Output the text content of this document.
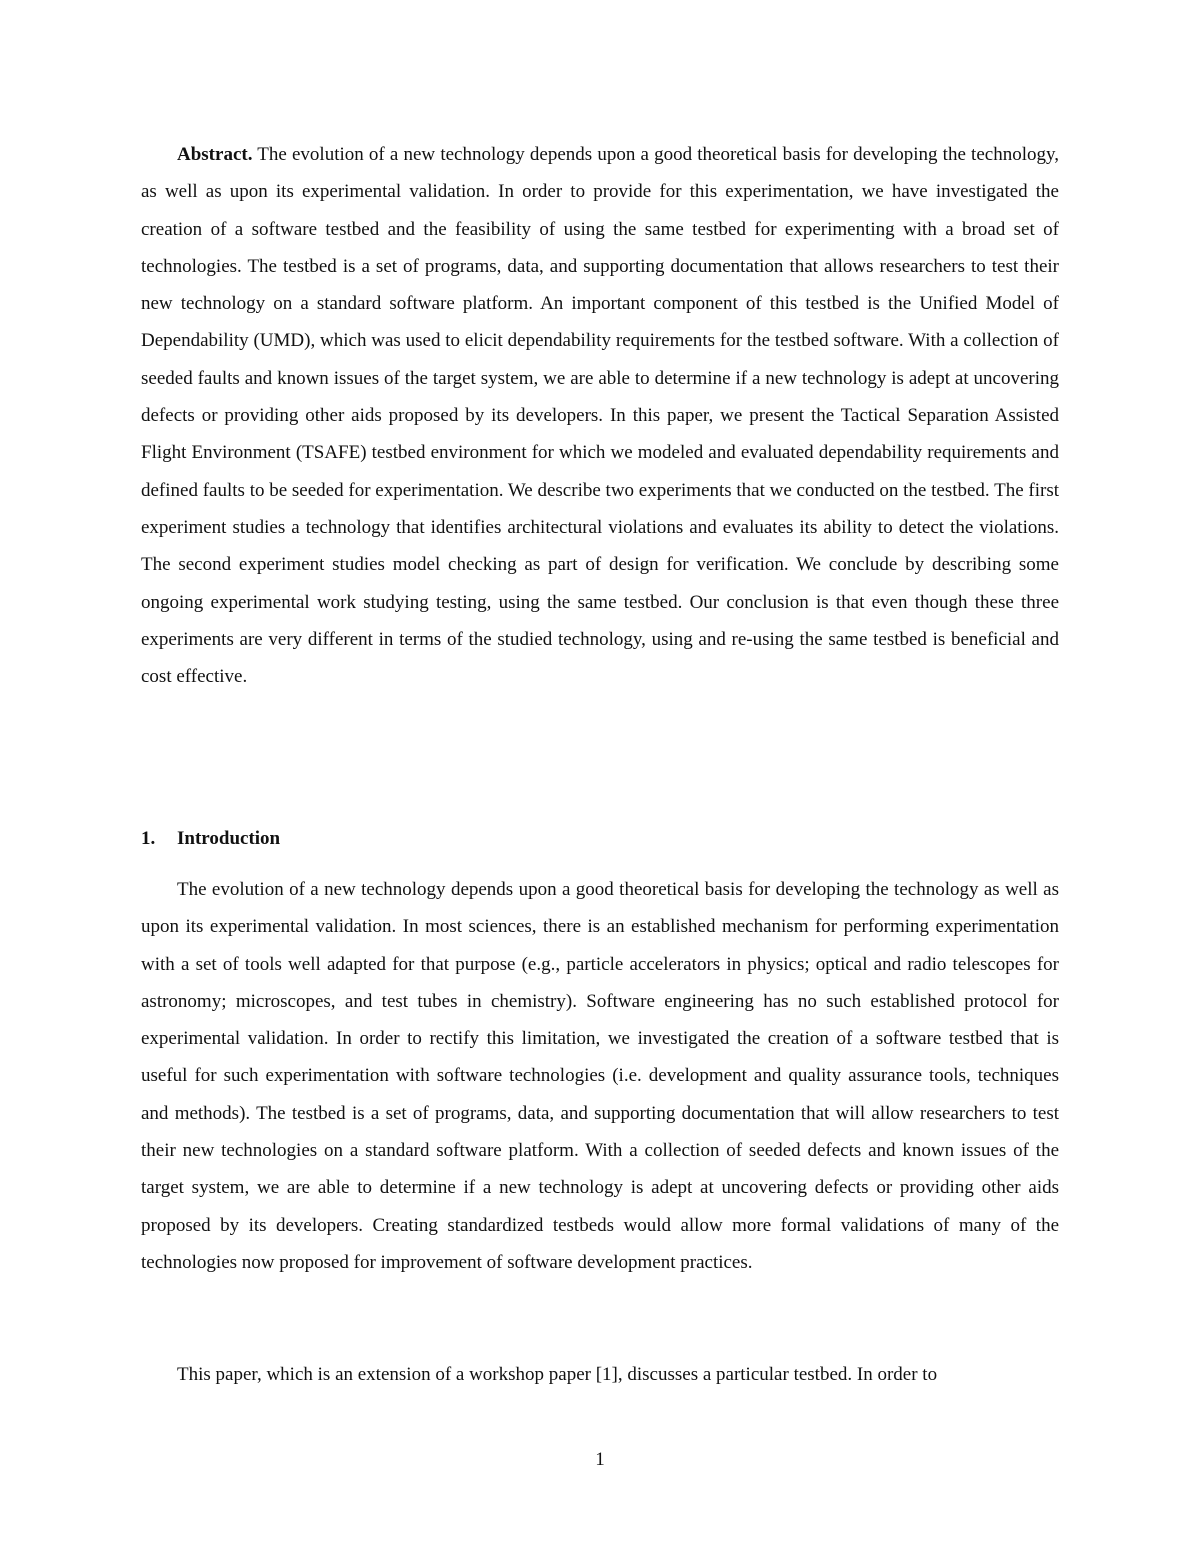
Abstract. The evolution of a new technology depends upon a good theoretical basis for developing the technology, as well as upon its experimental validation. In order to provide for this experimentation, we have investigated the creation of a software testbed and the feasibility of using the same testbed for experimenting with a broad set of technologies. The testbed is a set of programs, data, and supporting documentation that allows researchers to test their new technology on a standard software platform. An important component of this testbed is the Unified Model of Dependability (UMD), which was used to elicit dependability requirements for the testbed software. With a collection of seeded faults and known issues of the target system, we are able to determine if a new technology is adept at uncovering defects or providing other aids proposed by its developers. In this paper, we present the Tactical Separation Assisted Flight Environment (TSAFE) testbed environment for which we modeled and evaluated dependability requirements and defined faults to be seeded for experimentation. We describe two experiments that we conducted on the testbed. The first experiment studies a technology that identifies architectural violations and evaluates its ability to detect the violations. The second experiment studies model checking as part of design for verification. We conclude by describing some ongoing experimental work studying testing, using the same testbed. Our conclusion is that even though these three experiments are very different in terms of the studied technology, using and re-using the same testbed is beneficial and cost effective.

1. Introduction

The evolution of a new technology depends upon a good theoretical basis for developing the technology as well as upon its experimental validation. In most sciences, there is an established mechanism for performing experimentation with a set of tools well adapted for that purpose (e.g., particle accelerators in physics; optical and radio telescopes for astronomy; microscopes, and test tubes in chemistry). Software engineering has no such established protocol for experimental validation. In order to rectify this limitation, we investigated the creation of a software testbed that is useful for such experimentation with software technologies (i.e. development and quality assurance tools, techniques and methods). The testbed is a set of programs, data, and supporting documentation that will allow researchers to test their new technologies on a standard software platform. With a collection of seeded defects and known issues of the target system, we are able to determine if a new technology is adept at uncovering defects or providing other aids proposed by its developers. Creating standardized testbeds would allow more formal validations of many of the technologies now proposed for improvement of software development practices.

This paper, which is an extension of a workshop paper [1], discusses a particular testbed. In order to

1
